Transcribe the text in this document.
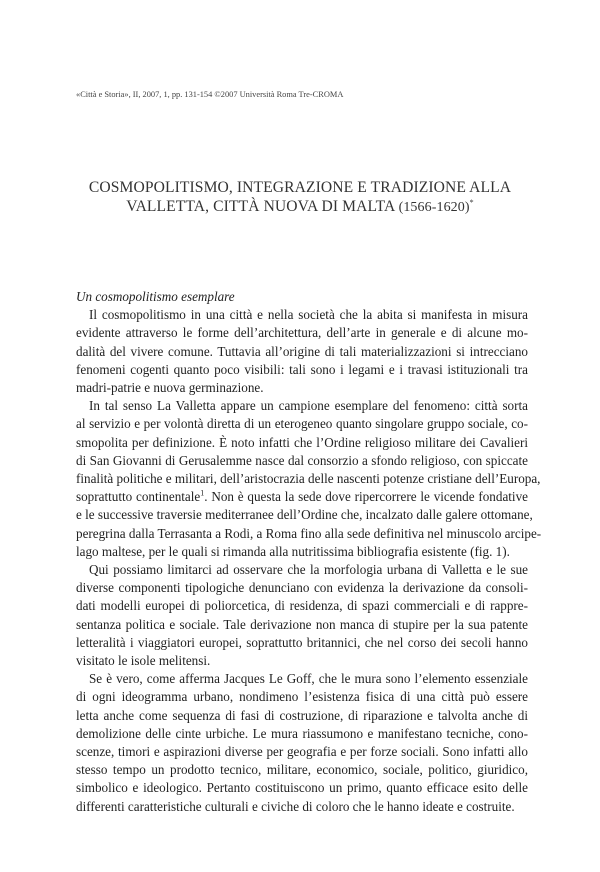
«Città e Storia», II, 2007, 1, pp. 131-154 ©2007 Università Roma Tre-CROMA
COSMOPOLITISMO, INTEGRAZIONE E TRADIZIONE ALLA
VALLETTA, CITTÀ NUOVA DI MALTA (1566-1620)*

Un cosmopolitismo esemplare

Il cosmopolitismo in una città e nella società che la abita si manifesta in misura
evidente attraverso le forme dell’architettura, dell’arte in generale e di alcune mo-
dalità del vivere comune. Tuttavia all’origine di tali materializzazioni si intrecciano
fenomeni cogenti quanto poco visibili: tali sono i legami e i travasi istituzionali tra
madri-patrie e nuova germinazione.

In tal senso La Valletta appare un campione esemplare del fenomeno: città sorta
al servizio e per volontà diretta di un eterogeneo quanto singolare gruppo sociale, co-
smopolita per definizione. È noto infatti che l’Ordine religioso militare dei Cavalieri
di San Giovanni di Gerusalemme nasce dal consorzio a sfondo religioso, con spiccate
finalità politiche e militari, dell’aristocrazia delle nascenti potenze cristiane dell’Europa,
soprattutto continentale$^1$. Non è questa la sede dove ripercorrere le vicende fondative
e le successive traversie mediterranee dell’Ordine che, incalzato dalle galere ottomane,
peregrina dalla Terrasanta a Rodi, a Roma fino alla sede definitiva nel minuscolo arcipe-
lago maltese, per le quali si rimanda alla nutritissima bibliografia esistente (fig. 1).

Qui possiamo limitarci ad osservare che la morfologia urbana di Valletta e le sue
diverse componenti tipologiche denunciano con evidenza la derivazione da consoli-
dati modelli europei di poliorcetica, di residenza, di spazi commerciali e di rappre-
sentanza politica e sociale. Tale derivazione non manca di stupire per la sua patente
letteralità i viaggiatori europei, soprattutto britannici, che nel corso dei secoli hanno
visitato le isole melitensi.

Se è vero, come afferma Jacques Le Goff, che le mura sono l’elemento essenziale
di ogni ideogramma urbano, nondimeno l’esistenza fisica di una città può essere
letta anche come sequenza di fasi di costruzione, di riparazione e talvolta anche di
demolizione delle cinte urbiche. Le mura riassumono e manifestano tecniche, cono-
scenze, timori e aspirazioni diverse per geografia e per forze sociali. Sono infatti allo
stesso tempo un prodotto tecnico, militare, economico, sociale, politico, giuridico,
simbolico e ideologico. Pertanto costituiscono un primo, quanto efficace esito delle
differenti caratteristiche culturali e civiche di coloro che le hanno ideate e costruite.
